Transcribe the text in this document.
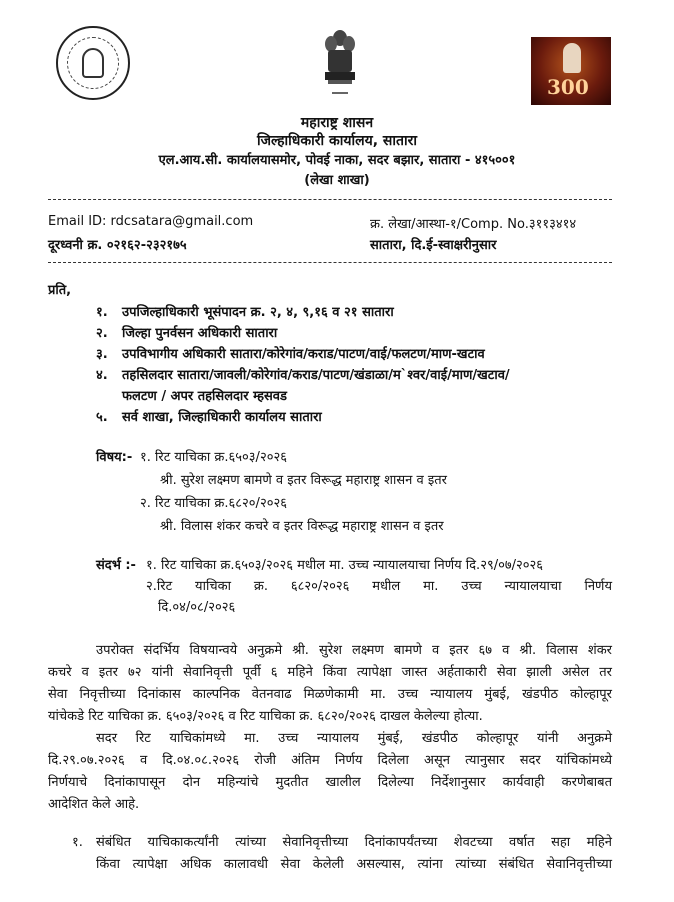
300
महाराष्ट्र शासन
जिल्हाधिकारी कार्यालय, सातारा
एल.आय.सी. कार्यालयासमोर, पोवई नाका, सदर बझार, सातारा - ४१५००१
(लेखा शाखा)
Email ID: rdcsatara@gmail.com
दूरध्वनी क्र. ०२१६२-२३२१७५
क्र. लेखा/आस्था-१/Comp. No.३११३४१४
सातारा, दि.ई-स्वाक्षरीनुसार
प्रति,
१. उपजिल्हाधिकारी भूसंपादन क्र. २, ४, ९,१६ व २१ सातारा
२. जिल्हा पुनर्वसन अधिकारी सातारा
३. उपविभागीय अधिकारी सातारा/कोरेगांव/कराड/पाटण/वाई/फलटण/माण-खटाव
४. तहसिलदार सातारा/जावली/कोरेगांव/कराड/पाटण/खंडाळा/म`श्वर/वाई/माण/खटाव/
फलटण / अपर तहसिलदार म्हसवड
५. सर्व शाखा, जिल्हाधिकारी कार्यालय सातारा
विषय:- १. रिट याचिका क्र.६५०३/२०२६
श्री. सुरेश लक्ष्मण बामणे व इतर विरूद्ध महाराष्ट्र शासन व इतर
२. रिट याचिका क्र.६८२०/२०२६
श्री. विलास शंकर कचरे व इतर विरूद्ध महाराष्ट्र शासन व इतर
संदर्भ :- १. रिट याचिका क्र.६५०३/२०२६ मधील मा. उच्च न्यायालयाचा निर्णय दि.२९/०७/२०२६
२.रिट याचिका क्र. ६८२०/२०२६ मधील मा. उच्च न्यायालयाचा निर्णय
दि.०४/०८/२०२६
उपरोक्त संदर्भिय विषयान्वये अनुक्रमे श्री. सुरेश लक्ष्मण बामणे व इतर ६७ व श्री. विलास शंकर
कचरे व इतर ७२ यांनी सेवानिवृत्ती पूर्वी ६ महिने किंवा त्यापेक्षा जास्त अर्हताकारी सेवा झाली असेल तर
सेवा निवृत्तीच्या दिनांकास काल्पनिक वेतनवाढ मिळणेकामी मा. उच्च न्यायालय मुंबई, खंडपीठ कोल्हापूर
यांचेकडे रिट याचिका क्र. ६५०३/२०२६ व रिट याचिका क्र. ६८२०/२०२६ दाखल केलेल्या होत्या.
सदर रिट याचिकांमध्ये मा. उच्च न्यायालय मुंबई, खंडपीठ कोल्हापूर यांनी अनुक्रमे
दि.२९.०७.२०२६ व दि.०४.०८.२०२६ रोजी अंतिम निर्णय दिलेला असून त्यानुसार सदर यांचिकांमध्ये
निर्णयाचे दिनांकापासून दोन महिन्यांचे मुदतीत खालील दिलेल्या निर्देशानुसार कार्यवाही करणेबाबत
आदेशित केले आहे.
१. संबंधित याचिकाकर्त्यांनी त्यांच्या सेवानिवृत्तीच्या दिनांकापर्यंतच्या शेवटच्या वर्षात सहा महिने
किंवा त्यापेक्षा अधिक कालावधी सेवा केलेली असल्यास, त्यांना त्यांच्या संबंधित सेवानिवृत्तीच्या
